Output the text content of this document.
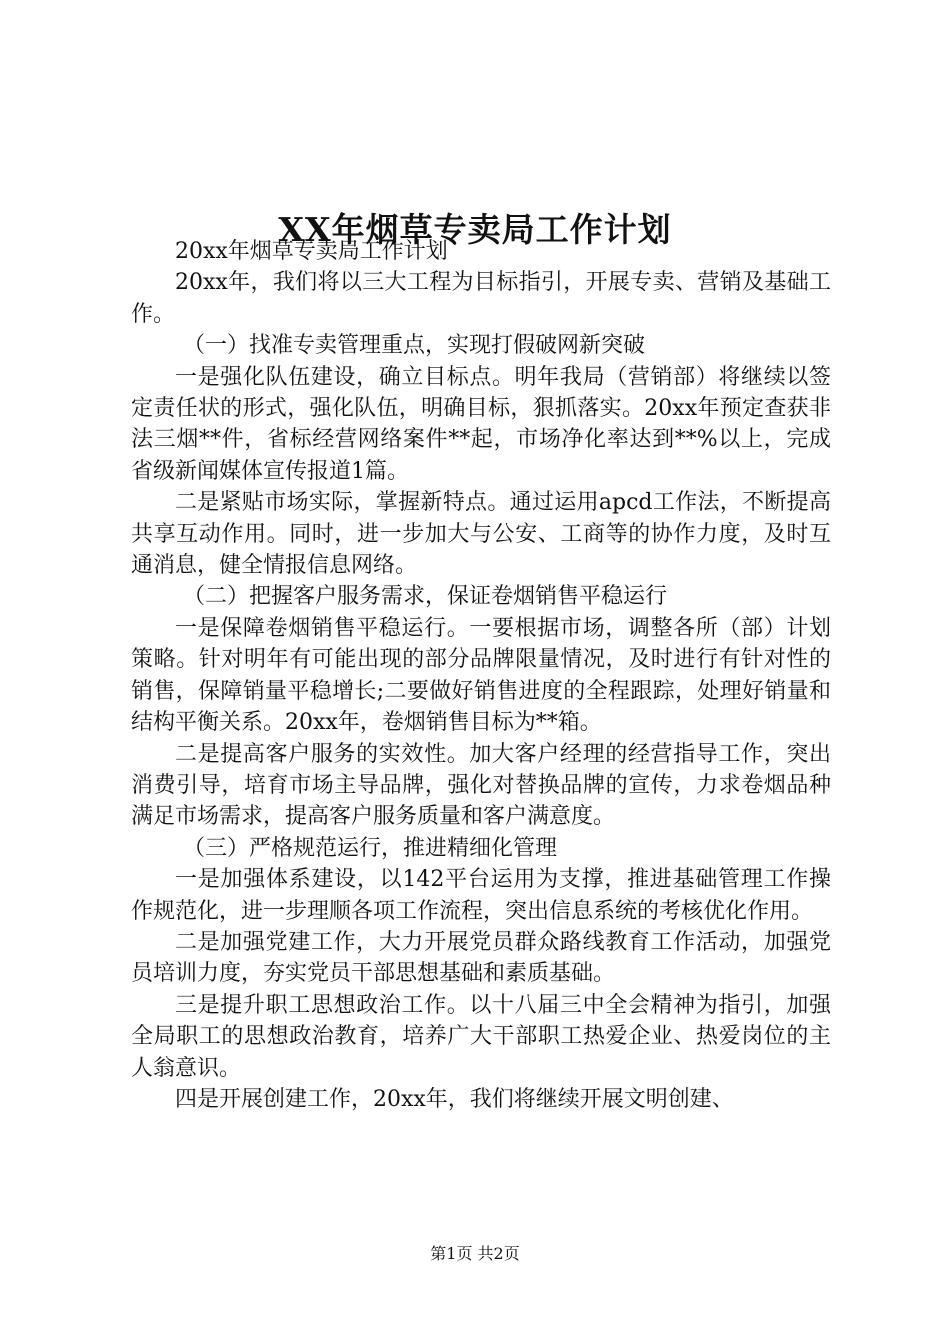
XX年烟草专卖局工作计划

20xx年烟草专卖局工作计划

20xx年，我们将以三大工程为目标指引，开展专卖、营销及基础工作。

（一）找准专卖管理重点，实现打假破网新突破

一是强化队伍建设，确立目标点。明年我局（营销部）将继续以签定责任状的形式，强化队伍，明确目标，狠抓落实。20xx年预定查获非法三烟**件，省标经营网络案件**起，市场净化率达到**%以上，完成省级新闻媒体宣传报道1篇。

二是紧贴市场实际，掌握新特点。通过运用apcd工作法，不断提高共享互动作用。同时，进一步加大与公安、工商等的协作力度，及时互通消息，健全情报信息网络。

（二）把握客户服务需求，保证卷烟销售平稳运行

一是保障卷烟销售平稳运行。一要根据市场，调整各所（部）计划策略。针对明年有可能出现的部分品牌限量情况，及时进行有针对性的销售，保障销量平稳增长;二要做好销售进度的全程跟踪，处理好销量和结构平衡关系。20xx年，卷烟销售目标为**箱。

二是提高客户服务的实效性。加大客户经理的经营指导工作，突出消费引导，培育市场主导品牌，强化对替换品牌的宣传，力求卷烟品种满足市场需求，提高客户服务质量和客户满意度。

（三）严格规范运行，推进精细化管理

一是加强体系建设，以142平台运用为支撑，推进基础管理工作操作规范化，进一步理顺各项工作流程，突出信息系统的考核优化作用。

二是加强党建工作，大力开展党员群众路线教育工作活动，加强党员培训力度，夯实党员干部思想基础和素质基础。

三是提升职工思想政治工作。以十八届三中全会精神为指引，加强全局职工的思想政治教育，培养广大干部职工热爱企业、热爱岗位的主人翁意识。

四是开展创建工作，20xx年，我们将继续开展文明创建、

第1页 共2页
